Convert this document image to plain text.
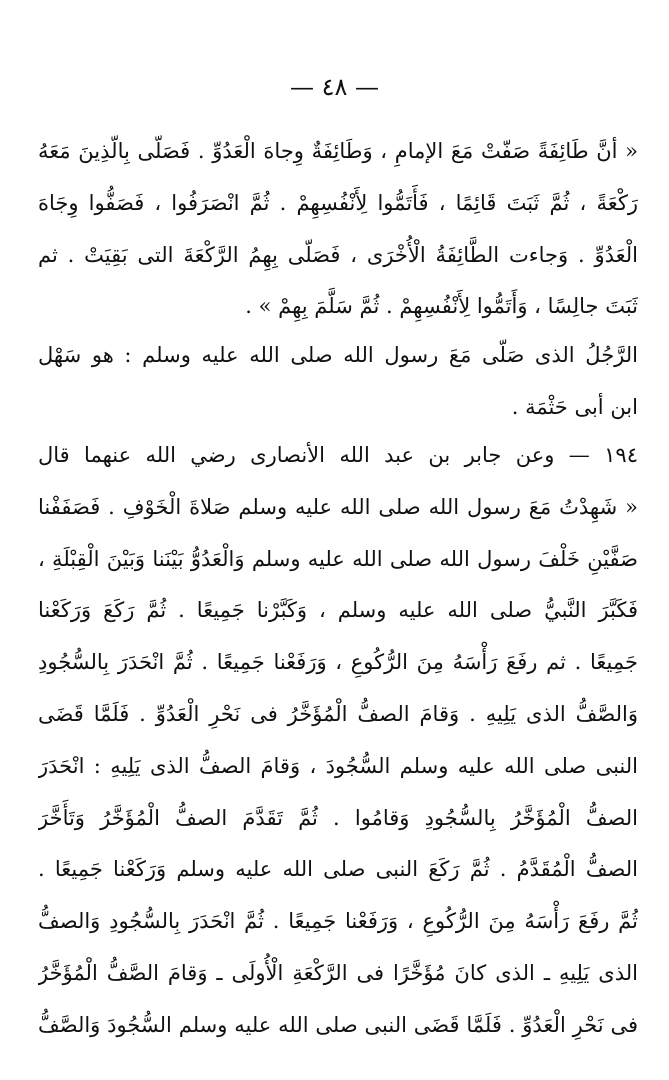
— ٤٨ —
« أنَّ طَائِفَةً صَفّتْ مَعَ الإمامِ ، وَطَائِفَةٌ وِجاهَ الْعَدُوِّ . فَصَلّى بِالّذِينَ مَعَهُ
رَكْعَةً ، ثُمَّ ثَبَتَ قَائِمًا ، فَأَتَمُّوا لِأَنْفُسِهِمْ . ثُمَّ انْصَرَفُوا ، فَصَفُّوا وِجَاهَ
الْعَدُوِّ . وَجاءت الطَّائِفَةُ الْأُخْرَى ، فَصَلّى بِهِمُ الرَّكْعَةَ التى بَقِيَتْ . ثم
ثَبَتَ جالِسًا ، وَأَتَمُّوا لِأَنْفُسِهِمْ . ثُمَّ سَلَّمَ بِهِمْ » .
الرَّجُلُ الذى صَلّى مَعَ رسول الله صلى الله عليه وسلم : هو سَهْل
ابن أبى حَثْمَة .
١٩٤ — وعن جابر بن عبد الله الأنصارى رضي الله عنهما قال
« شَهِدْتُ مَعَ رسول الله صلى الله عليه وسلم صَلاةَ الْخَوْفِ . فَصَفَفْنا
صَفَّيْنِ خَلْفَ رسول الله صلى الله عليه وسلم وَالْعَدُوُّ بَيْنَنا وَبَيْنَ الْقِبْلَةِ ،
فَكَبَّرَ النَّبيُّ صلى الله عليه وسلم ، وَكَبَّرْنا جَمِيعًا . ثُمَّ رَكَعَ وَرَكَعْنا
جَمِيعًا . ثم رفَعَ رَأْسَهُ مِنَ الرُّكُوعِ ، وَرَفَعْنا جَمِيعًا . ثُمَّ انْحَدَرَ بِالسُّجُودِ
وَالصَّفُّ الذى يَلِيهِ . وَقامَ الصفُّ الْمُؤَخَّرُ فى نَحْرِ الْعَدُوِّ . فَلَمَّا قَضَى
النبى صلى الله عليه وسلم السُّجُودَ ، وَقامَ الصفُّ الذى يَلِيهِ : انْحَدَرَ
الصفُّ الْمُؤَخَّرُ بِالسُّجُودِ وَقامُوا . ثُمَّ تَقَدَّمَ الصفُّ الْمُؤَخَّرُ وَتَأَخَّرَ
الصفُّ الْمُقَدَّمُ . ثُمَّ رَكَعَ النبى صلى الله عليه وسلم وَرَكَعْنا جَمِيعًا .
ثُمَّ رفَعَ رَأْسَهُ مِنَ الرُّكُوعِ ، وَرَفَعْنا جَمِيعًا . ثُمَّ انْحَدَرَ بِالسُّجُودِ وَالصفُّ
الذى يَلِيهِ ـ الذى كانَ مُؤَخَّرًا فى الرَّكْعَةِ الْأُولَى ـ وَقامَ الصَّفُّ الْمُؤَخَّرُ
فى نَحْرِ الْعَدُوِّ . فَلَمَّا قَضَى النبى صلى الله عليه وسلم السُّجُودَ وَالصَّفُّ
